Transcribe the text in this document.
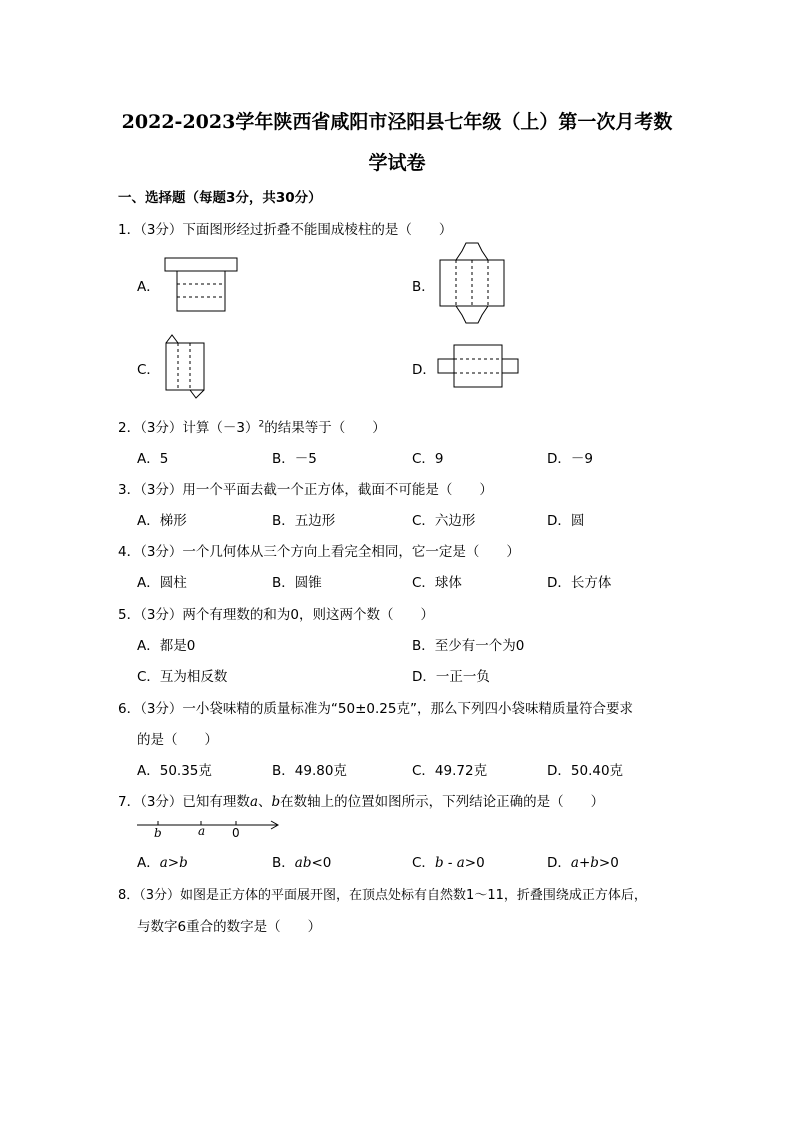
2022-2023学年陕西省咸阳市泾阳县七年级（上）第一次月考数
学试卷
一、选择题（每题3分，共30分）
1．（3分）下面图形经过折叠不能围成棱柱的是（　　）
A．	B．
C．	D．
2．（3分）计算$(-3)^2$的结果等于（　　）
A．5	B．－5	C．9	D．－9
3．（3分）用一个平面去截一个正方体，截面不可能是（　　）
A．梯形	B．五边形	C．六边形	D．圆
4．（3分）一个几何体从三个方向上看完全相同，它一定是（　　）
A．圆柱	B．圆锥	C．球体	D．长方体
5．（3分）两个有理数的和为0，则这两个数（　　）
A．都是0	B．至少有一个为0
C．互为相反数	D．一正一负
6．（3分）一小袋味精的质量标准为“50±0.25克”，那么下列四小袋味精质量符合要求
的是（　　）
A．50.35克	B．49.80克	C．49.72克	D．50.40克
7．（3分）已知有理数a、b在数轴上的位置如图所示，下列结论正确的是（　　）
b	a 0
A．a>b	B．ab<0	C．b - a>0	D．a+b>0
8．（3分）如图是正方体的平面展开图，在顶点处标有自然数1～11，折叠围绕成正方体后，
与数字6重合的数字是（　　）
